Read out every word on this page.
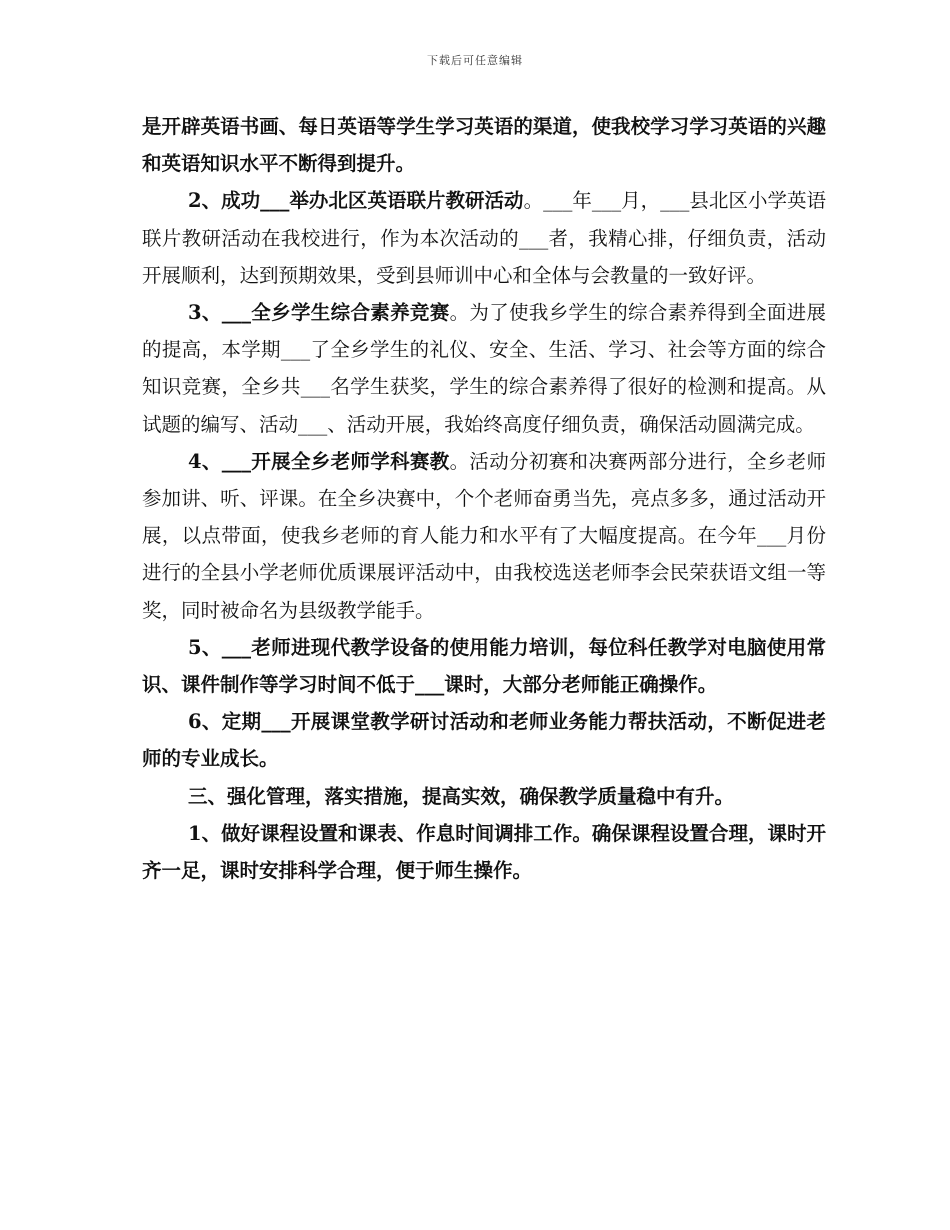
下载后可任意编辑

是开辟英语书画、每日英语等学生学习英语的渠道，使我校学习学习英语的兴趣和英语知识水平不断得到提升。

2、成功___举办北区英语联片教研活动。___年___月，___县北区小学英语联片教研活动在我校进行，作为本次活动的___者，我精心排，仔细负责，活动开展顺利，达到预期效果，受到县师训中心和全体与会教量的一致好评。

3、___全乡学生综合素养竞赛。为了使我乡学生的综合素养得到全面进展的提高，本学期___了全乡学生的礼仪、安全、生活、学习、社会等方面的综合知识竞赛，全乡共___名学生获奖，学生的综合素养得了很好的检测和提高。从试题的编写、活动___、活动开展，我始终高度仔细负责，确保活动圆满完成。

4、___开展全乡老师学科赛教。活动分初赛和决赛两部分进行，全乡老师参加讲、听、评课。在全乡决赛中，个个老师奋勇当先，亮点多多，通过活动开展，以点带面，使我乡老师的育人能力和水平有了大幅度提高。在今年___月份进行的全县小学老师优质课展评活动中，由我校选送老师李会民荣获语文组一等奖，同时被命名为县级教学能手。

5、___老师进现代教学设备的使用能力培训，每位科任教学对电脑使用常识、课件制作等学习时间不低于___课时，大部分老师能正确操作。

6、定期___开展课堂教学研讨活动和老师业务能力帮扶活动，不断促进老师的专业成长。

三、强化管理，落实措施，提高实效，确保教学质量稳中有升。

1、做好课程设置和课表、作息时间调排工作。确保课程设置合理，课时开齐一足，课时安排科学合理，便于师生操作。
